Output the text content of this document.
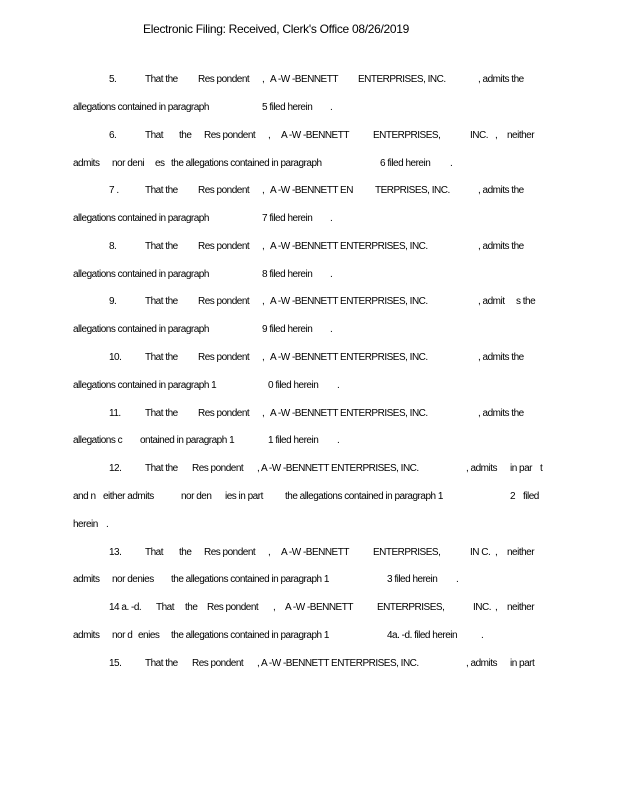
Electronic Filing: Received, Clerk's Office 08/26/2019
5.	That the Res pondent , A -W -BENNETT ENTERPRISES, INC.	, admits the
allegations contained in paragraph	5 filed herein .
6.	That the Res pondent , A -W -BENNETT ENTERPRISES,	INC. , neither
admits nor deni es the allegations contained in paragraph	6 filed herein .
7 .	That the Res pondent , A -W -BENNETT EN TERPRISES, INC.	, admits the
allegations contained in paragraph	7 filed herein .
8.	That the Res pondent , A -W -BENNETT ENTERPRISES, INC.	, admits the
allegations contained in paragraph	8 filed herein .
9.	That the Res pondent , A -W -BENNETT ENTERPRISES, INC.	, admit s the
allegations contained in paragraph	9 filed herein .
10. That the Res pondent , A -W -BENNETT ENTERPRISES, INC.	, admits the
allegations contained in paragraph 1	0 filed herein .
11. That the Res pondent , A -W -BENNETT ENTERPRISES, INC.	, admits the
allegations c ontained in paragraph 1	1 filed herein .
12. That the Res pondent , A -W -BENNETT ENTERPRISES, INC.	, admits in par t
and n either admits	nor den ies in part the allegations contained in paragraph 1	2 filed
herein .
13. That the Res pondent , A -W -BENNETT ENTERPRISES,	IN C. , neither
admits nor denies the allegations contained in paragraph 1	3 filed herein .
14 a. -d. That the Res pondent , A -W -BENNETT ENTERPRISES,	INC. , neither
admits nor d enies the allegations contained in paragraph 1	4a. -d. filed herein .
15. That the Res pondent , A -W -BENNETT ENTERPRISES, INC.	, admits in part
